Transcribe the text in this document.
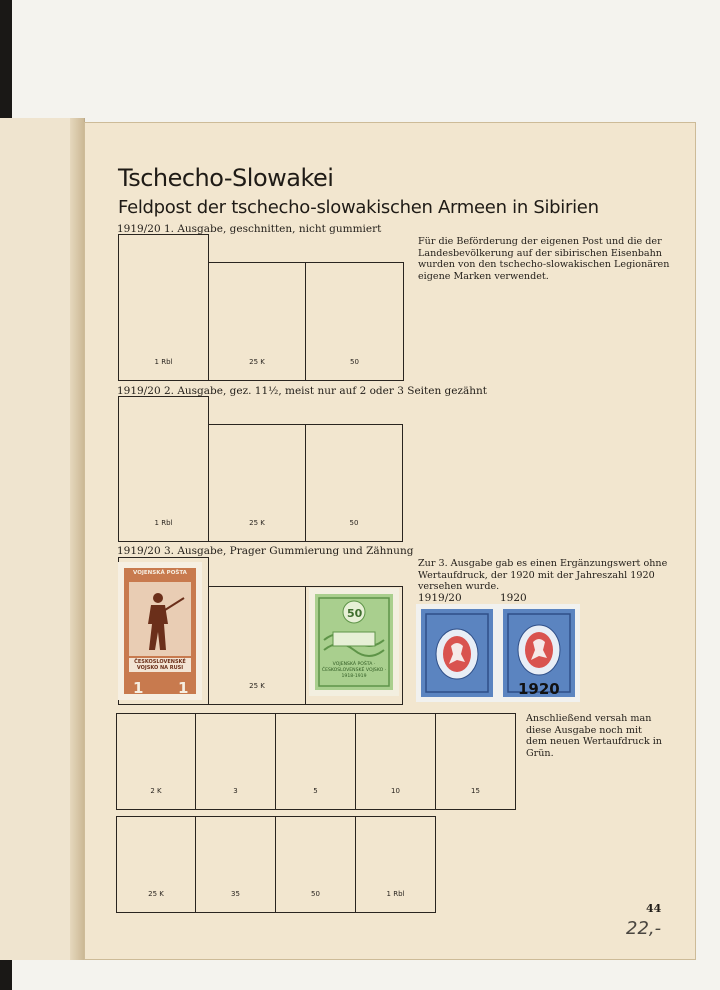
Tschecho-Slowakei
Feldpost der tschecho-slowakischen Armeen in Sibirien
1919/20 1. Ausgabe, geschnitten, nicht gummiert
1 Rbl	25 K	50
Für die Beförderung der eigenen Post und die der Landesbevölkerung auf der sibirischen Eisenbahn wurden von den tschecho-slowakischen Legionären eigene Marken verwendet.
1919/20 2. Ausgabe, gez. 11½, meist nur auf 2 oder 3 Seiten gezähnt
1 Rbl	25 K	50
1919/20 3. Ausgabe, Prager Gummierung und Zähnung
25 K
1 1
VOJENSKÁ POŠTA
ČESKOSLOVENSKÉ VOJSKO NA RUSI
50
VOJENSKÁ POŠTA · ČESKOSLOVENSKÉ VOJSKO · 1918-1919
Zur 3. Ausgabe gab es einen Ergänzungswert ohne Wertaufdruck, der 1920 mit der Jahreszahl 1920 versehen wurde.
1919/20	1920
1920
2 K	3	5	10	15
Anschließend versah man diese Ausgabe noch mit dem neuen Wertaufdruck in Grün.
25 K	35	50	1 Rbl
44
22,-
